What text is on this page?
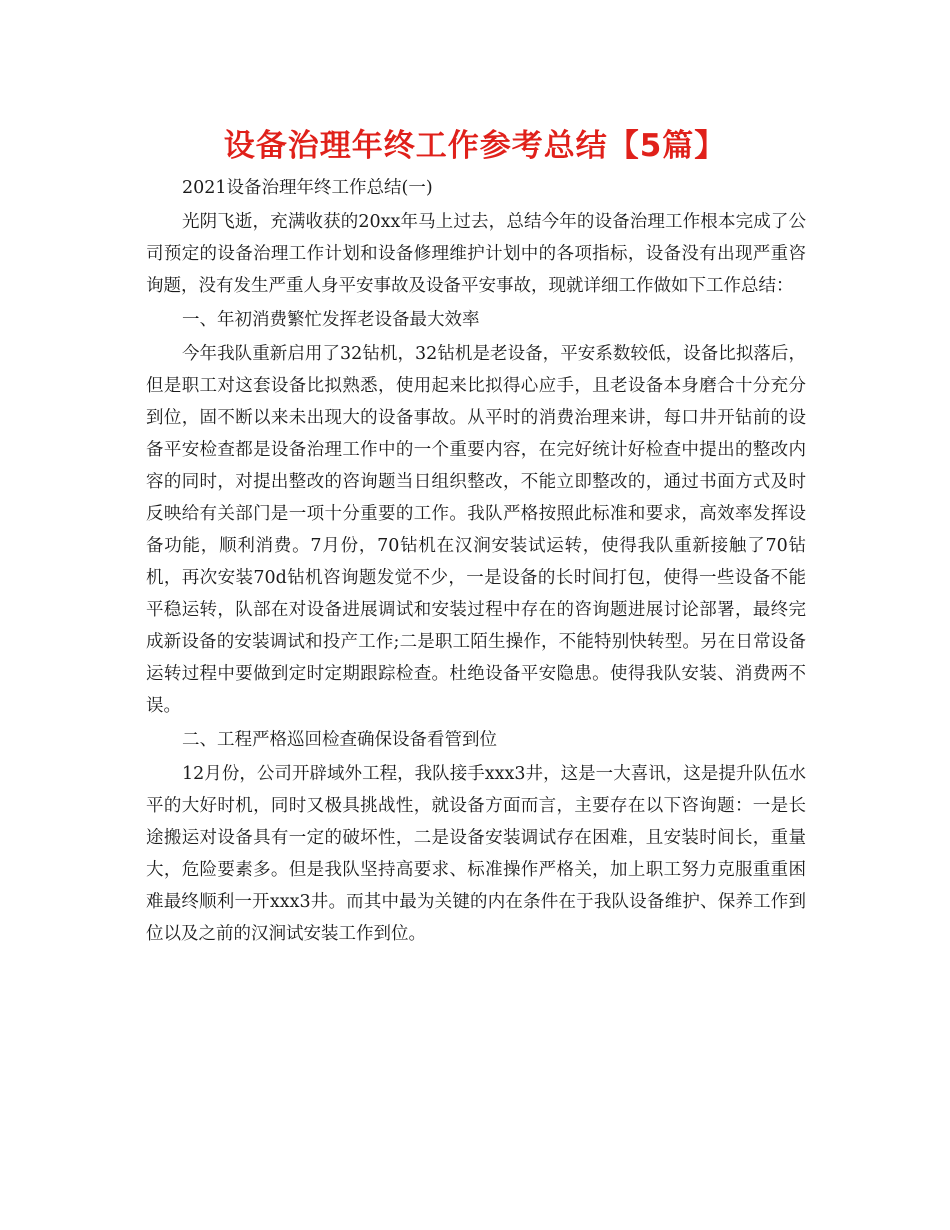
设备治理年终工作参考总结【5篇】

2021设备治理年终工作总结(一)

光阴飞逝，充满收获的20xx年马上过去，总结今年的设备治理工作根本完成了公司预定的设备治理工作计划和设备修理维护计划中的各项指标，设备没有出现严重咨询题，没有发生严重人身平安事故及设备平安事故，现就详细工作做如下工作总结：

一、年初消费繁忙发挥老设备最大效率

今年我队重新启用了32钻机，32钻机是老设备，平安系数较低，设备比拟落后，但是职工对这套设备比拟熟悉，使用起来比拟得心应手，且老设备本身磨合十分充分到位，固不断以来未出现大的设备事故。从平时的消费治理来讲，每口井开钻前的设备平安检查都是设备治理工作中的一个重要内容，在完好统计好检查中提出的整改内容的同时，对提出整改的咨询题当日组织整改，不能立即整改的，通过书面方式及时反映给有关部门是一项十分重要的工作。我队严格按照此标准和要求，高效率发挥设备功能，顺利消费。7月份，70钻机在汉涧安装试运转，使得我队重新接触了70钻机，再次安装70d钻机咨询题发觉不少，一是设备的长时间打包，使得一些设备不能平稳运转，队部在对设备进展调试和安装过程中存在的咨询题进展讨论部署，最终完成新设备的安装调试和投产工作;二是职工陌生操作，不能特别快转型。另在日常设备运转过程中要做到定时定期跟踪检查。杜绝设备平安隐患。使得我队安装、消费两不误。

二、工程严格巡回检查确保设备看管到位

12月份，公司开辟域外工程，我队接手xxx3井，这是一大喜讯，这是提升队伍水平的大好时机，同时又极具挑战性，就设备方面而言，主要存在以下咨询题：一是长途搬运对设备具有一定的破坏性，二是设备安装调试存在困难，且安装时间长，重量大，危险要素多。但是我队坚持高要求、标准操作严格关，加上职工努力克服重重困难最终顺利一开xxx3井。而其中最为关键的内在条件在于我队设备维护、保养工作到位以及之前的汉涧试安装工作到位。
